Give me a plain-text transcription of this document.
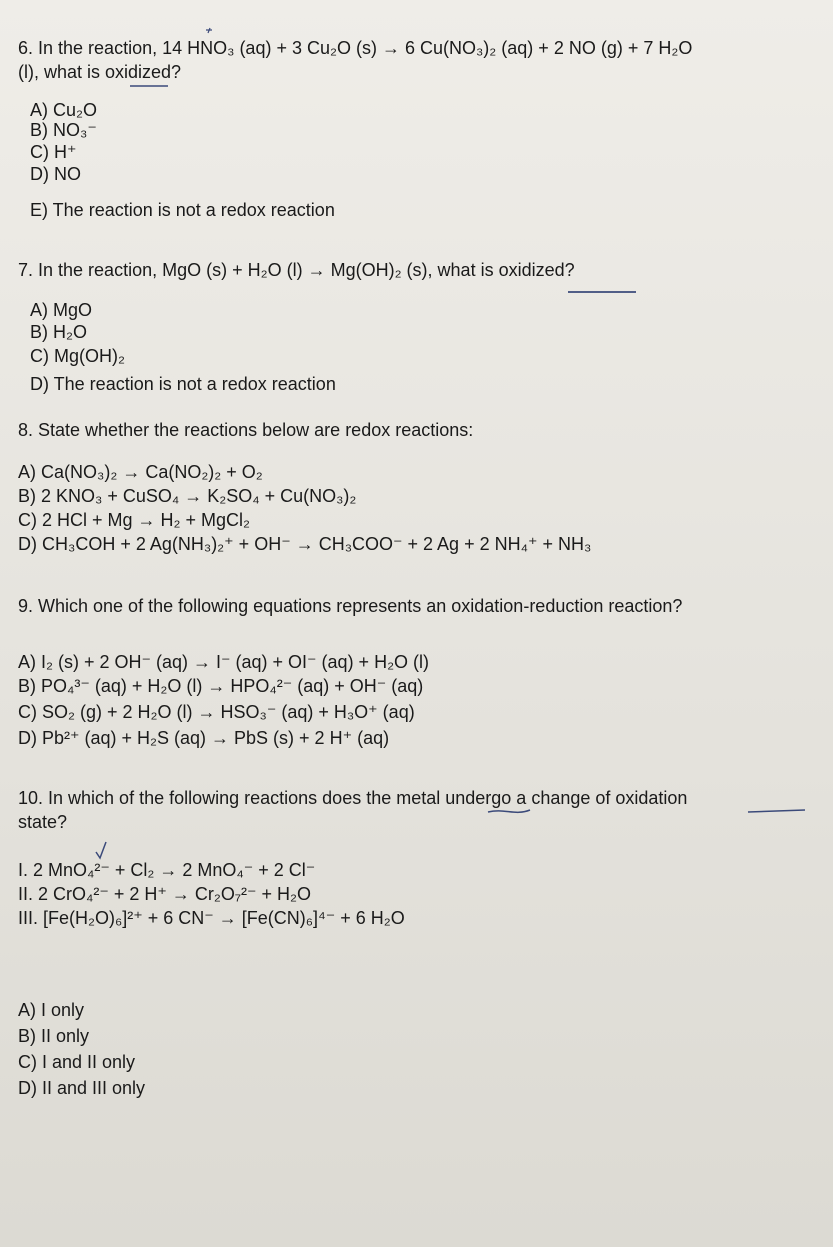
6. In the reaction, 14 HNO₃ (aq) + 3 Cu₂O (s) → 6 Cu(NO₃)₂ (aq) + 2 NO (g) + 7 H₂O
(l), what is oxidized?
A) Cu₂O
B) NO₃⁻
C) H⁺
D) NO
E) The reaction is not a redox reaction
7. In the reaction, MgO (s) + H₂O (l) → Mg(OH)₂ (s), what is oxidized?
A) MgO
B) H₂O
C) Mg(OH)₂
D) The reaction is not a redox reaction
8. State whether the reactions below are redox reactions:
A) Ca(NO₃)₂ → Ca(NO₂)₂ + O₂
B) 2 KNO₃ + CuSO₄ → K₂SO₄ + Cu(NO₃)₂
C) 2 HCl + Mg → H₂ + MgCl₂
D) CH₃COH + 2 Ag(NH₃)₂⁺ + OH⁻ → CH₃COO⁻ + 2 Ag + 2 NH₄⁺ + NH₃
9. Which one of the following equations represents an oxidation-reduction reaction?
A) I₂ (s) + 2 OH⁻ (aq) → I⁻ (aq) + OI⁻ (aq) + H₂O (l)
B) PO₄³⁻ (aq) + H₂O (l) → HPO₄²⁻ (aq) + OH⁻ (aq)
C) SO₂ (g) + 2 H₂O (l) → HSO₃⁻ (aq) + H₃O⁺ (aq)
D) Pb²⁺ (aq) + H₂S (aq) → PbS (s) + 2 H⁺ (aq)
10. In which of the following reactions does the metal undergo a change of oxidation
state?
I. 2 MnO₄²⁻ + Cl₂ → 2 MnO₄⁻ + 2 Cl⁻
II. 2 CrO₄²⁻ + 2 H⁺ → Cr₂O₇²⁻ + H₂O
III. [Fe(H₂O)₆]²⁺ + 6 CN⁻ → [Fe(CN)₆]⁴⁻ + 6 H₂O
A) I only
B) II only
C) I and II only
D) II and III only
